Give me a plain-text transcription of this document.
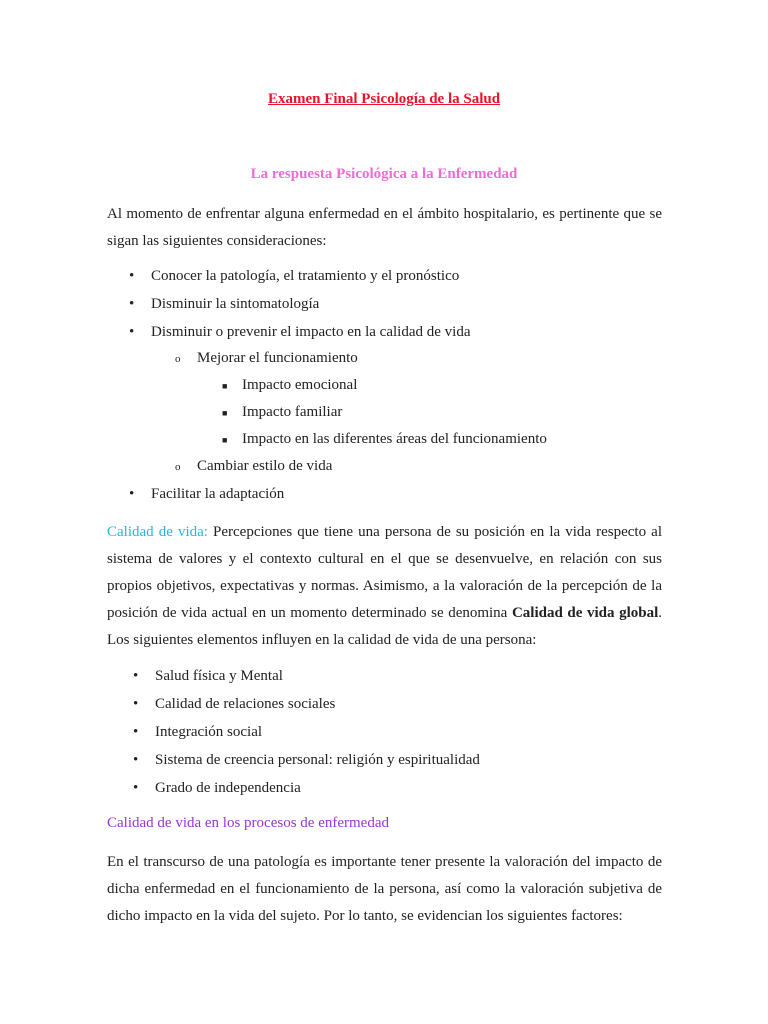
Examen Final Psicología de la Salud
La respuesta Psicológica a la Enfermedad

Al momento de enfrentar alguna enfermedad en el ámbito hospitalario, es pertinente que se sigan las siguientes consideraciones:

• Conocer la patología, el tratamiento y el pronóstico
• Disminuir la sintomatología
• Disminuir o prevenir el impacto en la calidad de vida
o Mejorar el funcionamiento
■ Impacto emocional
■ Impacto familiar
■ Impacto en las diferentes áreas del funcionamiento
o Cambiar estilo de vida
• Facilitar la adaptación

Calidad de vida: Percepciones que tiene una persona de su posición en la vida respecto al sistema de valores y el contexto cultural en el que se desenvuelve, en relación con sus propios objetivos, expectativas y normas. Asimismo, a la valoración de la percepción de la posición de vida actual en un momento determinado se denomina Calidad de vida global. Los siguientes elementos influyen en la calidad de vida de una persona:

• Salud física y Mental
• Calidad de relaciones sociales
• Integración social
• Sistema de creencia personal: religión y espiritualidad
• Grado de independencia
Calidad de vida en los procesos de enfermedad

En el transcurso de una patología es importante tener presente la valoración del impacto de dicha enfermedad en el funcionamiento de la persona, así como la valoración subjetiva de dicho impacto en la vida del sujeto. Por lo tanto, se evidencian los siguientes factores:
